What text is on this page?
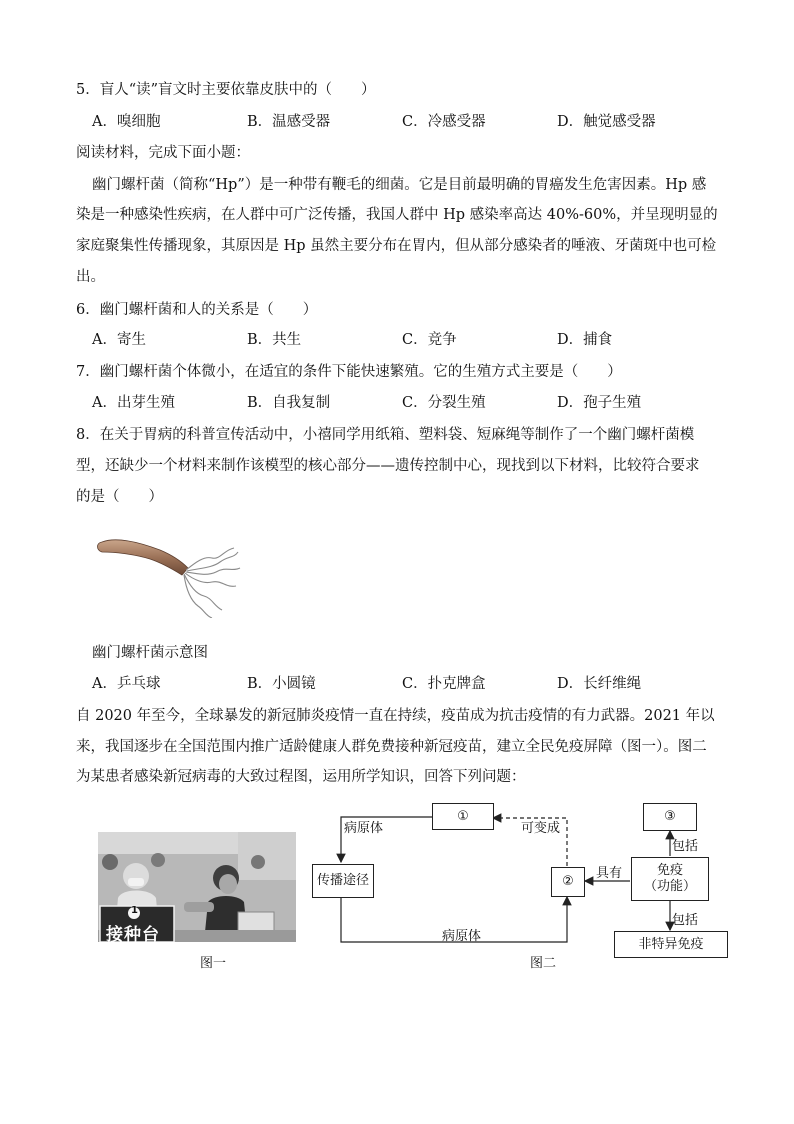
5．盲人“读”盲文时主要依靠皮肤中的（　　）
A．嗅细胞	B．温感受器	C．冷感受器	D．触觉感受器
阅读材料，完成下面小题：
幽门螺杆菌（简称“Hp”）是一种带有鞭毛的细菌。它是目前最明确的胃癌发生危害因素。Hp 感
染是一种感染性疾病，在人群中可广泛传播，我国人群中 Hp 感染率高达 40%-60%，并呈现明显的
家庭聚集性传播现象，其原因是 Hp 虽然主要分布在胃内，但从部分感染者的唾液、牙菌斑中也可检
出。
6．幽门螺杆菌和人的关系是（　　）
A．寄生	B．共生	C．竞争	D．捕食
7．幽门螺杆菌个体微小，在适宜的条件下能快速繁殖。它的生殖方式主要是（　　）
A．出芽生殖	B．自我复制	C．分裂生殖	D．孢子生殖
8．在关于胃病的科普宣传活动中，小禧同学用纸箱、塑料袋、短麻绳等制作了一个幽门螺杆菌模
型，还缺少一个材料来制作该模型的核心部分——遗传控制中心，现找到以下材料，比较符合要求
的是（　　）
幽门螺杆菌示意图
A．乒乓球	B．小圆镜	C．扑克牌盒	D．长纤维绳
自 2020 年至今，全球暴发的新冠肺炎疫情一直在持续，疫苗成为抗击疫情的有力武器。2021 年以
来，我国逐步在全国范围内推广适龄健康人群免费接种新冠疫苗，建立全民免疫屏障（图一）。图二
为某患者感染新冠病毒的大致过程图，运用所学知识，回答下列问题：
1
接种台
图一
①
传播途径	②
③
免疫
（功能）
非特异免疫
病原体
病原体
可变成
具有
包括
包括
图二
